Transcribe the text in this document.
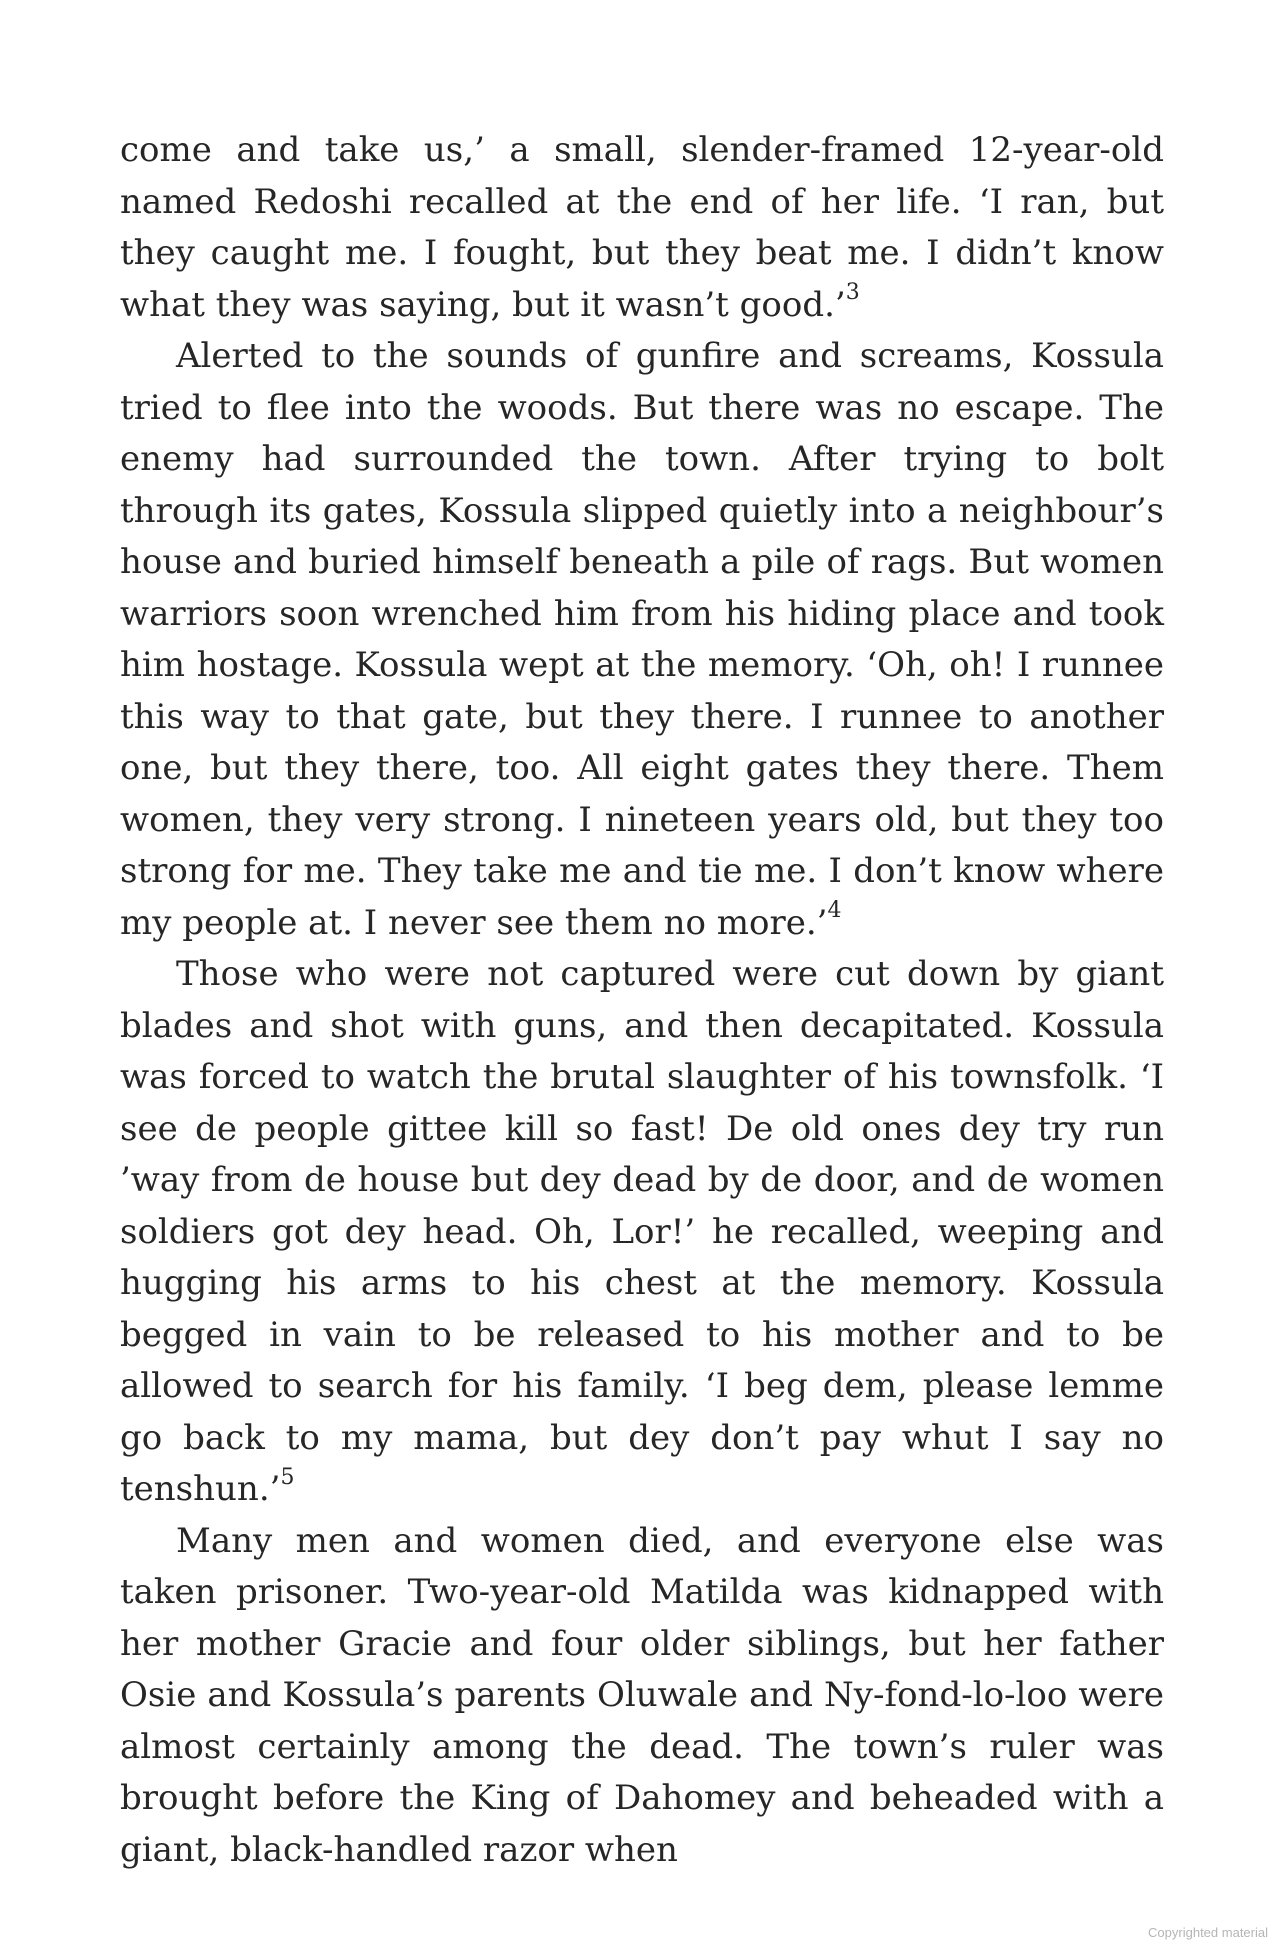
come and take us,’ a small, slender-framed 12-year-old named Redoshi recalled at the end of her life. ‘I ran, but they caught me. I fought, but they beat me. I didn’t know what they was saying, but it wasn’t good.’$^3$

Alerted to the sounds of gunfire and screams, Kossula tried to flee into the woods. But there was no escape. The enemy had surrounded the town. After trying to bolt through its gates, Kossula slipped quietly into a neighbour’s house and buried himself beneath a pile of rags. But women warriors soon wrenched him from his hiding place and took him hostage. Kossula wept at the memory. ‘Oh, oh! I runnee this way to that gate, but they there. I runnee to another one, but they there, too. All eight gates they there. Them women, they very strong. I nineteen years old, but they too strong for me. They take me and tie me. I don’t know where my people at. I never see them no more.’$^4$

Those who were not captured were cut down by giant blades and shot with guns, and then decapitated. Kossula was forced to watch the brutal slaughter of his townsfolk. ‘I see de people gittee kill so fast! De old ones dey try run ’way from de house but dey dead by de door, and de women soldiers got dey head. Oh, Lor!’ he recalled, weeping and hugging his arms to his chest at the memory. Kossula begged in vain to be released to his mother and to be allowed to search for his family. ‘I beg dem, please lemme go back to my mama, but dey don’t pay whut I say no tenshun.’$^5$

Many men and women died, and everyone else was taken prisoner. Two-year-old Matilda was kidnapped with her mother Gracie and four older siblings, but her father Osie and Kossula’s parents Oluwale and Ny-fond-lo-loo were almost certainly among the dead. The town’s ruler was brought before the King of Dahomey and beheaded with a giant, black-handled razor when

Copyrighted material
